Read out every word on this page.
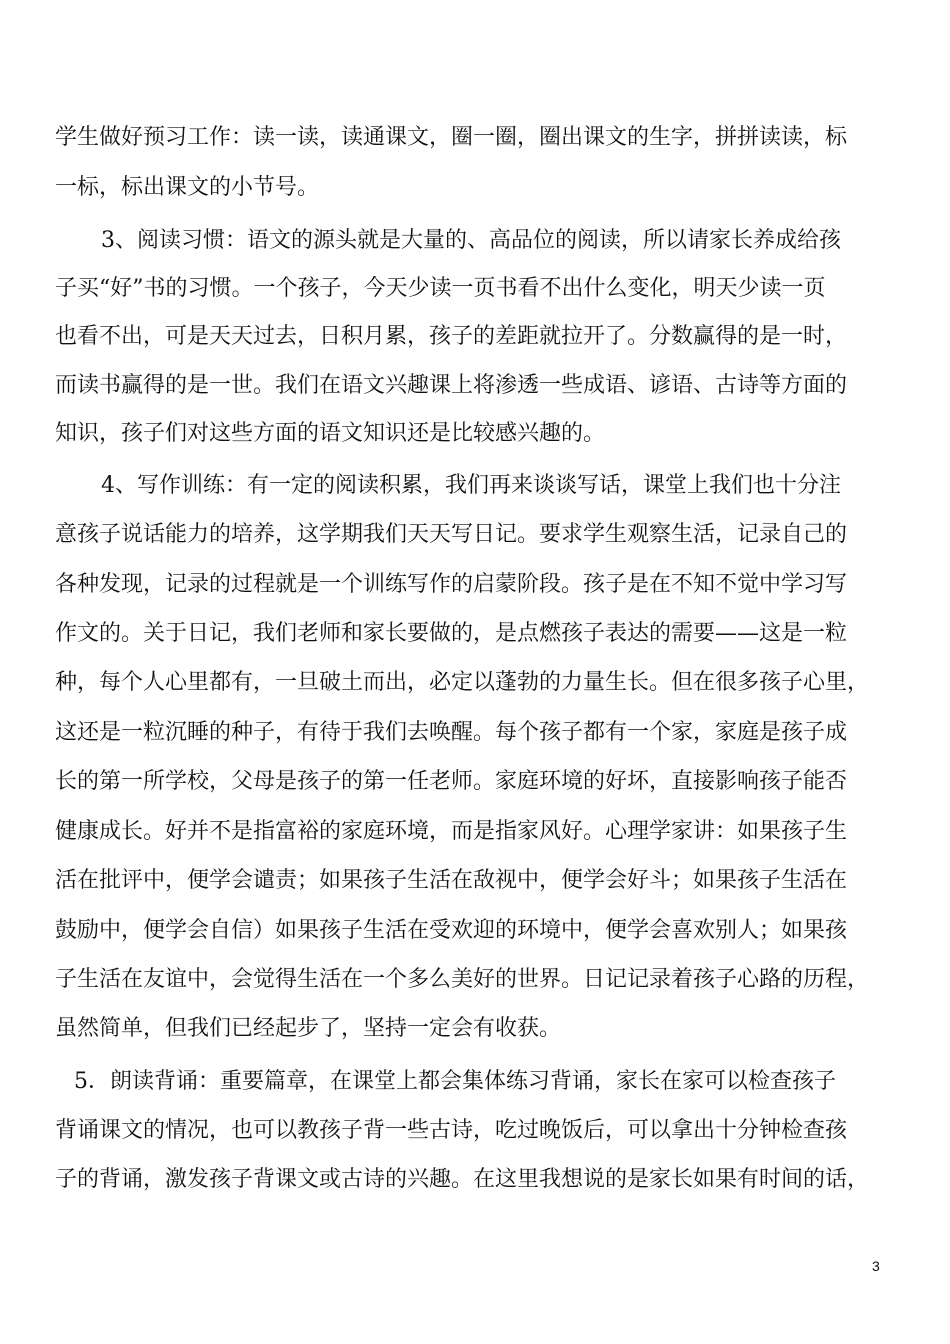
学生做好预习工作：读一读，读通课文，圈一圈，圈出课文的生字，拼拼读读，标
一标，标出课文的小节号。
3、阅读习惯：语文的源头就是大量的、高品位的阅读，所以请家长养成给孩
子买“好”书的习惯。一个孩子，今天少读一页书看不出什么变化，明天少读一页
也看不出，可是天天过去，日积月累，孩子的差距就拉开了。分数赢得的是一时，
而读书赢得的是一世。我们在语文兴趣课上将渗透一些成语、谚语、古诗等方面的
知识，孩子们对这些方面的语文知识还是比较感兴趣的。
4、写作训练：有一定的阅读积累，我们再来谈谈写话，课堂上我们也十分注
意孩子说话能力的培养，这学期我们天天写日记。要求学生观察生活，记录自己的
各种发现，记录的过程就是一个训练写作的启蒙阶段。孩子是在不知不觉中学习写
作文的。关于日记，我们老师和家长要做的，是点燃孩子表达的需要——这是一粒
种，每个人心里都有，一旦破土而出，必定以蓬勃的力量生长。但在很多孩子心里，
这还是一粒沉睡的种子，有待于我们去唤醒。每个孩子都有一个家，家庭是孩子成
长的第一所学校，父母是孩子的第一任老师。家庭环境的好坏，直接影响孩子能否
健康成长。好并不是指富裕的家庭环境，而是指家风好。心理学家讲：如果孩子生
活在批评中，便学会谴责；如果孩子生活在敌视中，便学会好斗；如果孩子生活在
鼓励中，便学会自信）如果孩子生活在受欢迎的环境中，便学会喜欢别人；如果孩
子生活在友谊中，会觉得生活在一个多么美好的世界。日记记录着孩子心路的历程，
虽然简单，但我们已经起步了，坚持一定会有收获。
5．朗读背诵：重要篇章，在课堂上都会集体练习背诵，家长在家可以检查孩子
背诵课文的情况，也可以教孩子背一些古诗，吃过晚饭后，可以拿出十分钟检查孩
子的背诵，激发孩子背课文或古诗的兴趣。在这里我想说的是家长如果有时间的话，
3
